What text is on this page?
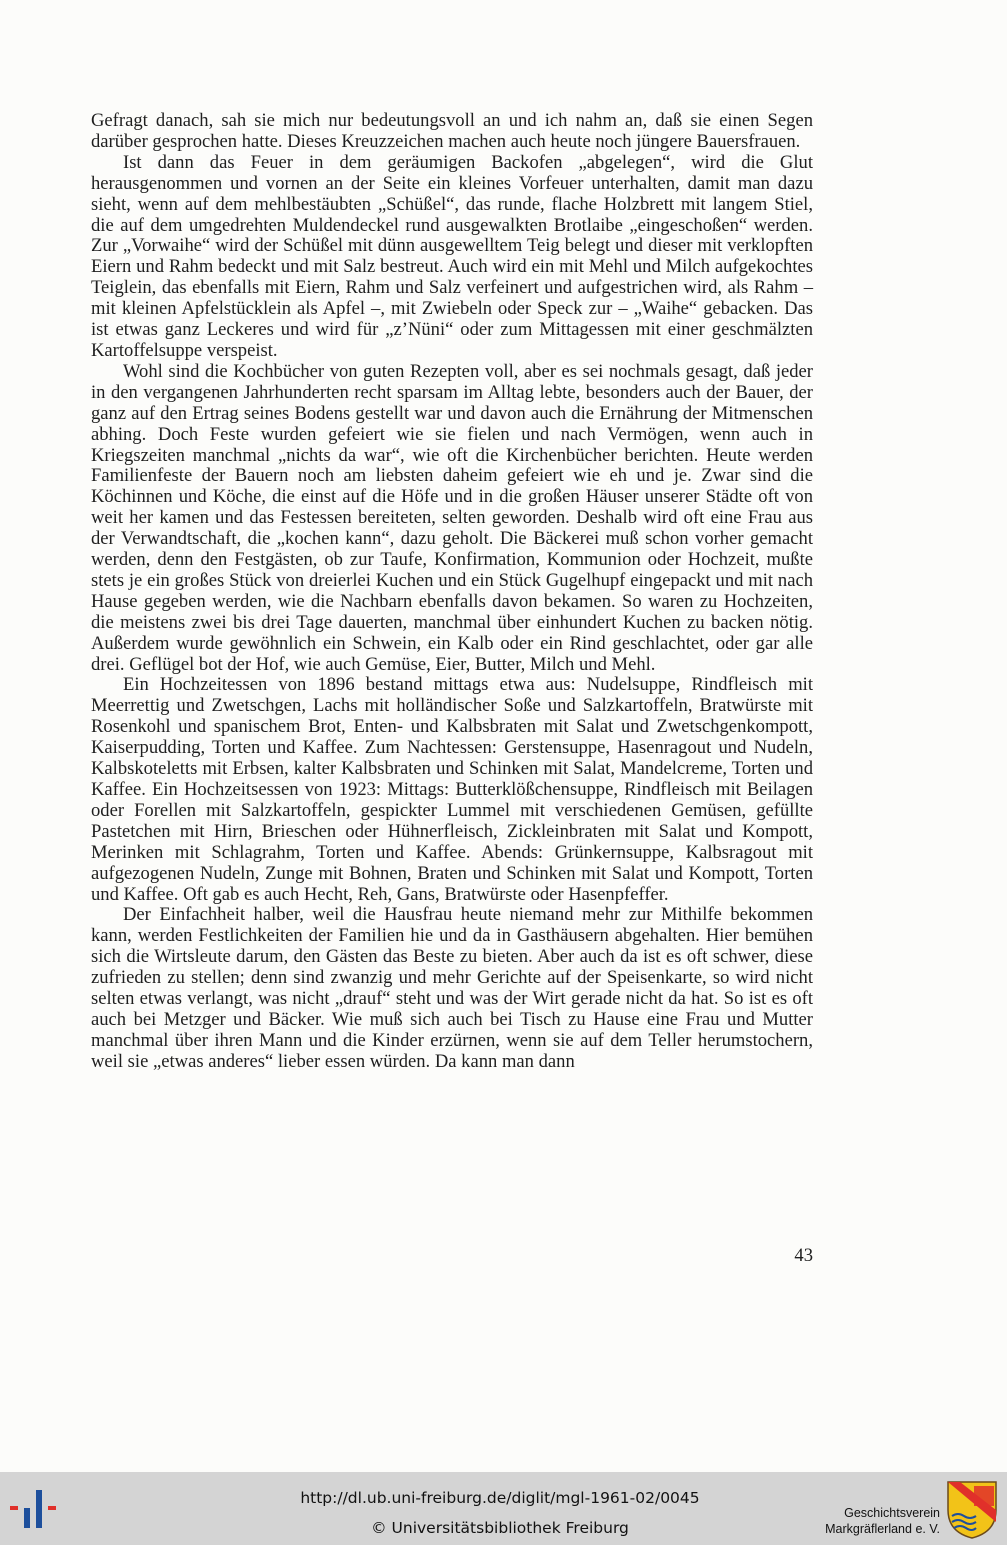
Gefragt danach, sah sie mich nur bedeutungsvoll an und ich nahm an, daß sie einen Segen darüber gesprochen hatte. Dieses Kreuzzeichen machen auch heute noch jüngere Bauersfrauen.

Ist dann das Feuer in dem geräumigen Backofen „abgelegen“, wird die Glut herausgenommen und vornen an der Seite ein kleines Vorfeuer unterhalten, damit man dazu sieht, wenn auf dem mehlbestäubten „Schüßel“, das runde, flache Holzbrett mit langem Stiel, die auf dem umgedrehten Muldendeckel rund ausgewalkten Brotlaibe „eingeschoßen“ werden. Zur „Vorwaihe“ wird der Schüßel mit dünn ausgewelltem Teig belegt und dieser mit verklopften Eiern und Rahm bedeckt und mit Salz bestreut. Auch wird ein mit Mehl und Milch aufgekochtes Teiglein, das ebenfalls mit Eiern, Rahm und Salz verfeinert und aufgestrichen wird, als Rahm – mit kleinen Apfelstücklein als Apfel –, mit Zwiebeln oder Speck zur – „Waihe“ gebacken. Das ist etwas ganz Leckeres und wird für „z’Nüni“ oder zum Mittagessen mit einer geschmälzten Kartoffelsuppe verspeist.

Wohl sind die Kochbücher von guten Rezepten voll, aber es sei nochmals gesagt, daß jeder in den vergangenen Jahrhunderten recht sparsam im Alltag lebte, besonders auch der Bauer, der ganz auf den Ertrag seines Bodens gestellt war und davon auch die Ernährung der Mitmenschen abhing. Doch Feste wurden gefeiert wie sie fielen und nach Vermögen, wenn auch in Kriegszeiten manchmal „nichts da war“, wie oft die Kirchenbücher berichten. Heute werden Familienfeste der Bauern noch am liebsten daheim gefeiert wie eh und je. Zwar sind die Köchinnen und Köche, die einst auf die Höfe und in die großen Häuser unserer Städte oft von weit her kamen und das Festessen bereiteten, selten geworden. Deshalb wird oft eine Frau aus der Verwandtschaft, die „kochen kann“, dazu geholt. Die Bäckerei muß schon vorher gemacht werden, denn den Festgästen, ob zur Taufe, Konfirmation, Kommunion oder Hochzeit, mußte stets je ein großes Stück von dreierlei Kuchen und ein Stück Gugelhupf eingepackt und mit nach Hause gegeben werden, wie die Nachbarn ebenfalls davon bekamen. So waren zu Hochzeiten, die meistens zwei bis drei Tage dauerten, manchmal über einhundert Kuchen zu backen nötig. Außerdem wurde gewöhnlich ein Schwein, ein Kalb oder ein Rind geschlachtet, oder gar alle drei. Geflügel bot der Hof, wie auch Gemüse, Eier, Butter, Milch und Mehl.

Ein Hochzeitessen von 1896 bestand mittags etwa aus: Nudelsuppe, Rindfleisch mit Meerrettig und Zwetschgen, Lachs mit holländischer Soße und Salzkartoffeln, Bratwürste mit Rosenkohl und spanischem Brot, Enten- und Kalbsbraten mit Salat und Zwetschgenkompott, Kaiserpudding, Torten und Kaffee. Zum Nachtessen: Gerstensuppe, Hasenragout und Nudeln, Kalbskoteletts mit Erbsen, kalter Kalbsbraten und Schinken mit Salat, Mandelcreme, Torten und Kaffee. Ein Hochzeitsessen von 1923: Mittags: Butterklößchensuppe, Rindfleisch mit Beilagen oder Forellen mit Salzkartoffeln, gespickter Lummel mit verschiedenen Gemüsen, gefüllte Pastetchen mit Hirn, Brieschen oder Hühnerfleisch, Zickleinbraten mit Salat und Kompott, Merinken mit Schlagrahm, Torten und Kaffee. Abends: Grünkernsuppe, Kalbsragout mit aufgezogenen Nudeln, Zunge mit Bohnen, Braten und Schinken mit Salat und Kompott, Torten und Kaffee. Oft gab es auch Hecht, Reh, Gans, Bratwürste oder Hasenpfeffer.

Der Einfachheit halber, weil die Hausfrau heute niemand mehr zur Mithilfe bekommen kann, werden Festlichkeiten der Familien hie und da in Gasthäusern abgehalten. Hier bemühen sich die Wirtsleute darum, den Gästen das Beste zu bieten. Aber auch da ist es oft schwer, diese zufrieden zu stellen; denn sind zwanzig und mehr Gerichte auf der Speisenkarte, so wird nicht selten etwas verlangt, was nicht „drauf“ steht und was der Wirt gerade nicht da hat. So ist es oft auch bei Metzger und Bäcker. Wie muß sich auch bei Tisch zu Hause eine Frau und Mutter manchmal über ihren Mann und die Kinder erzürnen, wenn sie auf dem Teller herumstochern, weil sie „etwas anderes“ lieber essen würden. Da kann man dann

43
http://dl.ub.uni-freiburg.de/diglit/mgl-1961-02/0045
© Universitätsbibliothek Freiburg
Geschichtsverein
Markgräflerland e. V.
